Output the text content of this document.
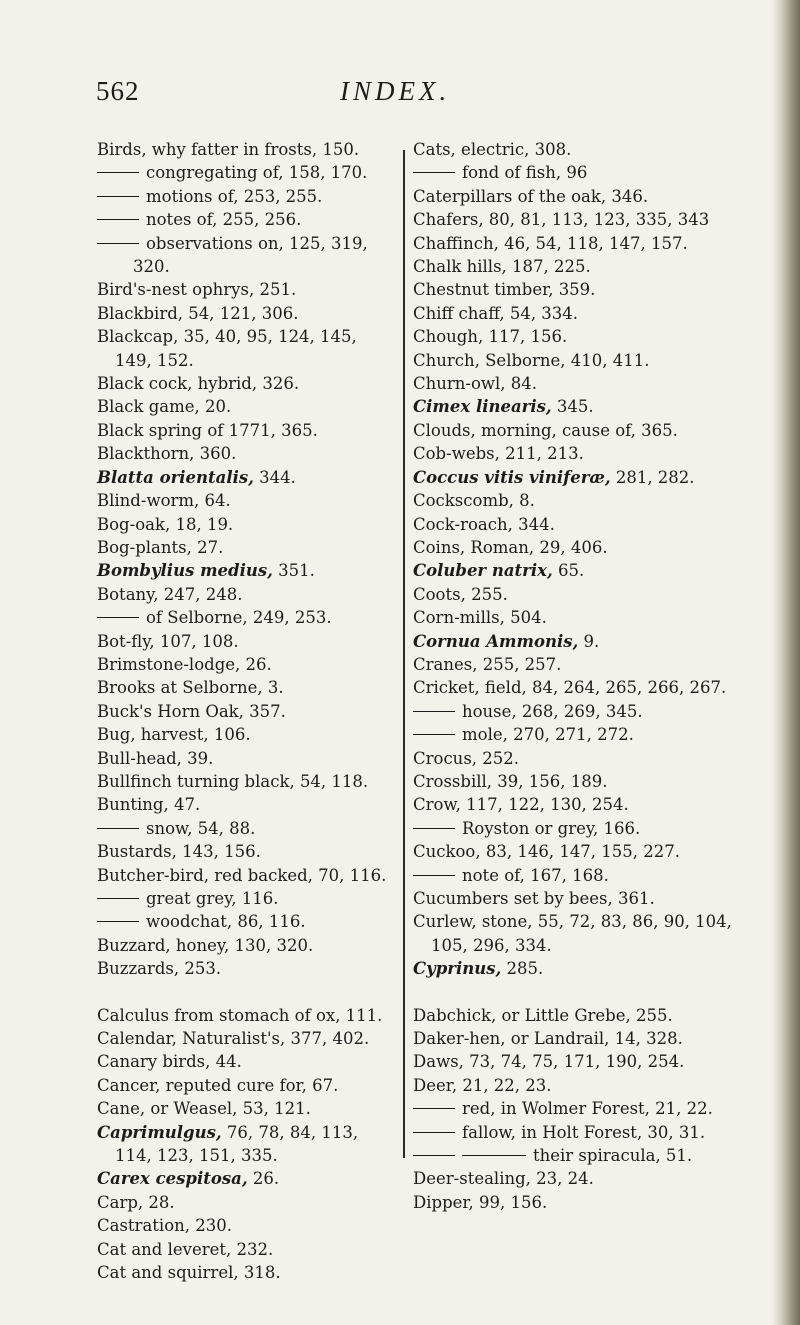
562	INDEX.
Birds, why fatter in frosts, 150.
congregating of, 158, 170.
motions of, 253, 255.
notes of, 255, 256.
observations on, 125, 319, 320.
Bird's-nest ophrys, 251.
Blackbird, 54, 121, 306.
Blackcap, 35, 40, 95, 124, 145, 149, 152.
Black cock, hybrid, 326.
Black game, 20.
Black spring of 1771, 365.
Blackthorn, 360.
Blatta orientalis, 344.
Blind-worm, 64.
Bog-oak, 18, 19.
Bog-plants, 27.
Bombylius medius, 351.
Botany, 247, 248.
of Selborne, 249, 253.
Bot-fly, 107, 108.
Brimstone-lodge, 26.
Brooks at Selborne, 3.
Buck's Horn Oak, 357.
Bug, harvest, 106.
Bull-head, 39.
Bullfinch turning black, 54, 118.
Bunting, 47.
snow, 54, 88.
Bustards, 143, 156.
Butcher-bird, red backed, 70, 116.
great grey, 116.
woodchat, 86, 116.
Buzzard, honey, 130, 320.
Buzzards, 253.
Calculus from stomach of ox, 111.
Calendar, Naturalist's, 377, 402.
Canary birds, 44.
Cancer, reputed cure for, 67.
Cane, or Weasel, 53, 121.
Caprimulgus, 76, 78, 84, 113, 114, 123, 151, 335.
Carex cespitosa, 26.
Carp, 28.
Castration, 230.
Cat and leveret, 232.
Cat and squirrel, 318.
Cats, electric, 308.
fond of fish, 96
Caterpillars of the oak, 346.
Chafers, 80, 81, 113, 123, 335, 343
Chaffinch, 46, 54, 118, 147, 157.
Chalk hills, 187, 225.
Chestnut timber, 359.
Chiff chaff, 54, 334.
Chough, 117, 156.
Church, Selborne, 410, 411.
Churn-owl, 84.
Cimex linearis, 345.
Clouds, morning, cause of, 365.
Cob-webs, 211, 213.
Coccus vitis viniferæ, 281, 282.
Cockscomb, 8.
Cock-roach, 344.
Coins, Roman, 29, 406.
Coluber natrix, 65.
Coots, 255.
Corn-mills, 504.
Cornua Ammonis, 9.
Cranes, 255, 257.
Cricket, field, 84, 264, 265, 266, 267.
house, 268, 269, 345.
mole, 270, 271, 272.
Crocus, 252.
Crossbill, 39, 156, 189.
Crow, 117, 122, 130, 254.
Royston or grey, 166.
Cuckoo, 83, 146, 147, 155, 227.
note of, 167, 168.
Cucumbers set by bees, 361.
Curlew, stone, 55, 72, 83, 86, 90, 104, 105, 296, 334.
Cyprinus, 285.
Dabchick, or Little Grebe, 255.
Daker-hen, or Landrail, 14, 328.
Daws, 73, 74, 75, 171, 190, 254.
Deer, 21, 22, 23.
red, in Wolmer Forest, 21, 22.
fallow, in Holt Forest, 30, 31.
their spiracula, 51.
Deer-stealing, 23, 24.
Dipper, 99, 156.
